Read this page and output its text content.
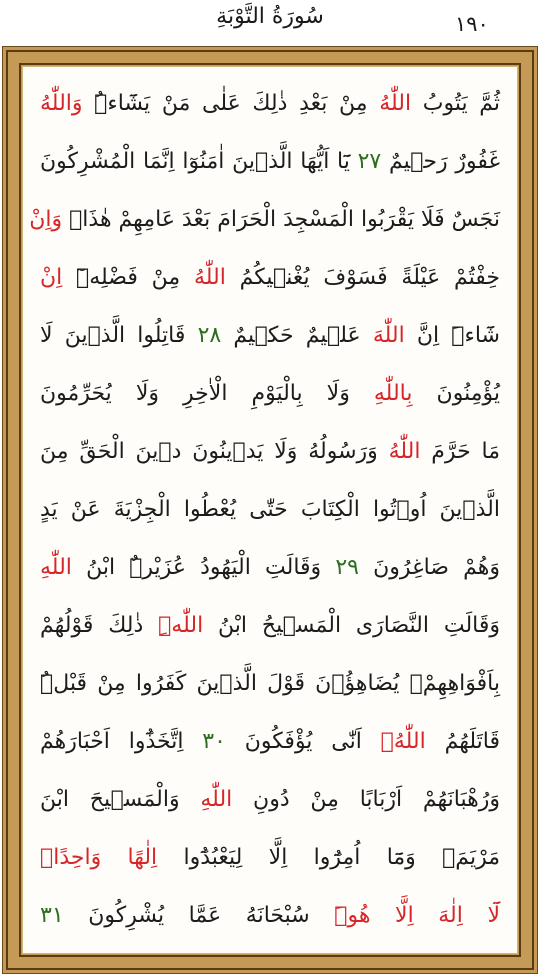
سُورَةُ التَّوْبَةِ	١٩٠
ثُمَّ يَتُوبُ اللّٰهُ مِنْ بَعْدِ ذٰلِكَ عَلٰى مَنْ يَشَٓاءُۜ وَاللّٰهُ
غَفُورٌ رَح۪يمٌ ۲۷ يَٓا اَيُّهَا الَّذ۪ينَ اٰمَنُوٓا اِنَّمَا الْمُشْرِكُونَ
نَجَسٌ فَلَا يَقْرَبُوا الْمَسْجِدَ الْحَرَامَ بَعْدَ عَامِهِمْ هٰذَاۚ وَاِنْ
خِفْتُمْ عَيْلَةً فَسَوْفَ يُغْن۪يكُمُ اللّٰهُ مِنْ فَضْلِه۪ٓ اِنْ
شَٓاءَۜ اِنَّ اللّٰهَ عَل۪يمٌ حَك۪يمٌ ۲۸ قَاتِلُوا الَّذ۪ينَ لَا
يُؤْمِنُونَ بِاللّٰهِ وَلَا بِالْيَوْمِ الْاٰخِرِ وَلَا يُحَرِّمُونَ
مَا حَرَّمَ اللّٰهُ وَرَسُولُهُ وَلَا يَد۪ينُونَ د۪ينَ الْحَقِّ مِنَ
الَّذ۪ينَ اُو۫تُوا الْكِتَابَ حَتّٰى يُعْطُوا الْجِزْيَةَ عَنْ يَدٍ
وَهُمْ صَاغِرُونَ ۲۹ وَقَالَتِ الْيَهُودُ عُزَيْرٌۨ ابْنُ اللّٰهِ
وَقَالَتِ النَّصَارَى الْمَس۪يحُ ابْنُ اللّٰهِۜ ذٰلِكَ قَوْلُهُمْ
بِاَفْوَاهِهِمْۚ يُضَاهِؤُ۫نَ قَوْلَ الَّذ۪ينَ كَفَرُوا مِنْ قَبْلُۜ
قَاتَلَهُمُ اللّٰهُۘ اَنّٰى يُؤْفَكُونَ ۳۰ اِتَّخَذُٓوا اَحْبَارَهُمْ
وَرُهْبَانَهُمْ اَرْبَابًا مِنْ دُونِ اللّٰهِ وَالْمَس۪يحَ ابْنَ
مَرْيَمَۚ وَمَٓا اُمِرُٓوا اِلَّا لِيَعْبُدُٓوا اِلٰهًا وَاحِدًاۚ
لَٓا اِلٰهَ اِلَّا هُوَۜ سُبْحَانَهُ عَمَّا يُشْرِكُونَ ۳۱
